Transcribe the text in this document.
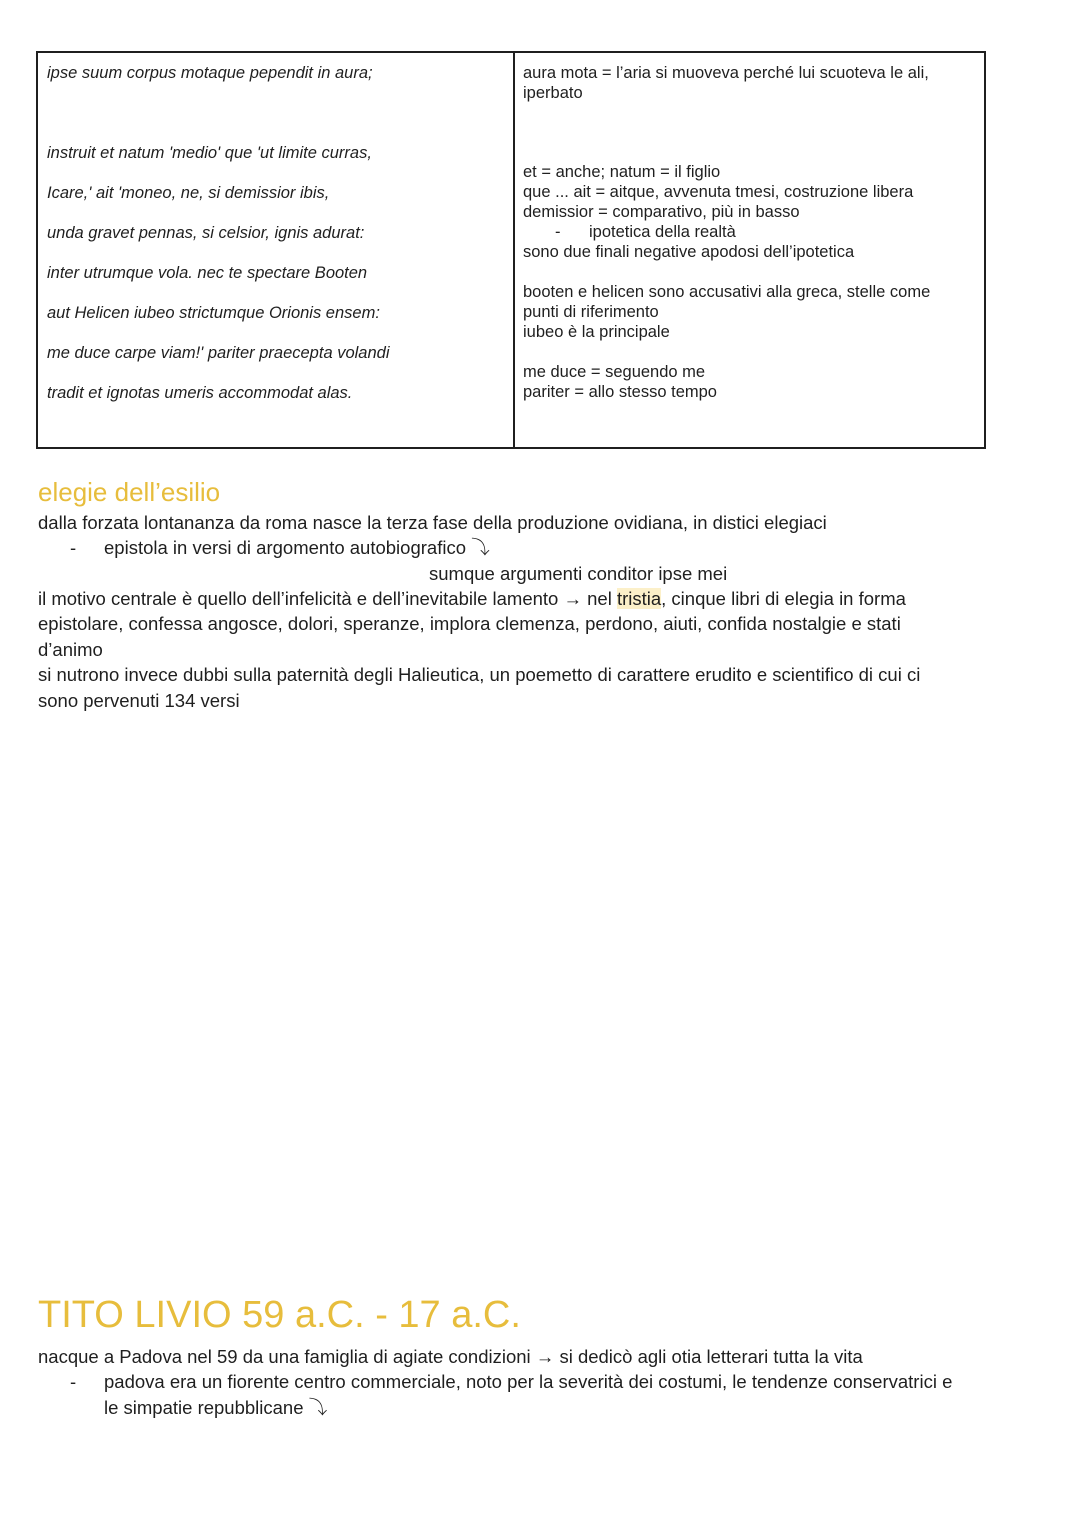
ipse suum corpus motaque pependit in aura;
instruit et natum 'medio' que 'ut limite curras,
Icare,' ait 'moneo, ne, si demissior ibis,
unda gravet pennas, si celsior, ignis adurat:
inter utrumque vola. nec te spectare Booten
aut Helicen iubeo strictumque Orionis ensem:
me duce carpe viam!' pariter praecepta volandi
tradit et ignotas umeris accommodat alas.
aura mota = l’aria si muoveva perché lui scuoteva le ali,
iperbato
et = anche; natum = il figlio
que ... ait = aitque, avvenuta tmesi, costruzione libera
demissior = comparativo, più in basso
- ipotetica della realtà
sono due finali negative apodosi dell’ipotetica
booten e helicen sono accusativi alla greca, stelle come
punti di riferimento
iubeo è la principale
me duce = seguendo me
pariter = allo stesso tempo
elegie dell’esilio
dalla forzata lontananza da roma nasce la terza fase della produzione ovidiana, in distici elegiaci
- epistola in versi di argomento autobiografico ⤵
sumque argumenti conditor ipse mei
il motivo centrale è quello dell’infelicità e dell’inevitabile lamento → nel tristia, cinque libri di elegia in forma
epistolare, confessa angosce, dolori, speranze, implora clemenza, perdono, aiuti, confida nostalgie e stati
d’animo
si nutrono invece dubbi sulla paternità degli Halieutica, un poemetto di carattere erudito e scientifico di cui ci
sono pervenuti 134 versi
TITO LIVIO 59 a.C. - 17 a.C.
nacque a Padova nel 59 da una famiglia di agiate condizioni → si dedicò agli otia letterari tutta la vita
- padova era un fiorente centro commerciale, noto per la severità dei costumi, le tendenze conservatrici e
le simpatie repubblicane ⤵
